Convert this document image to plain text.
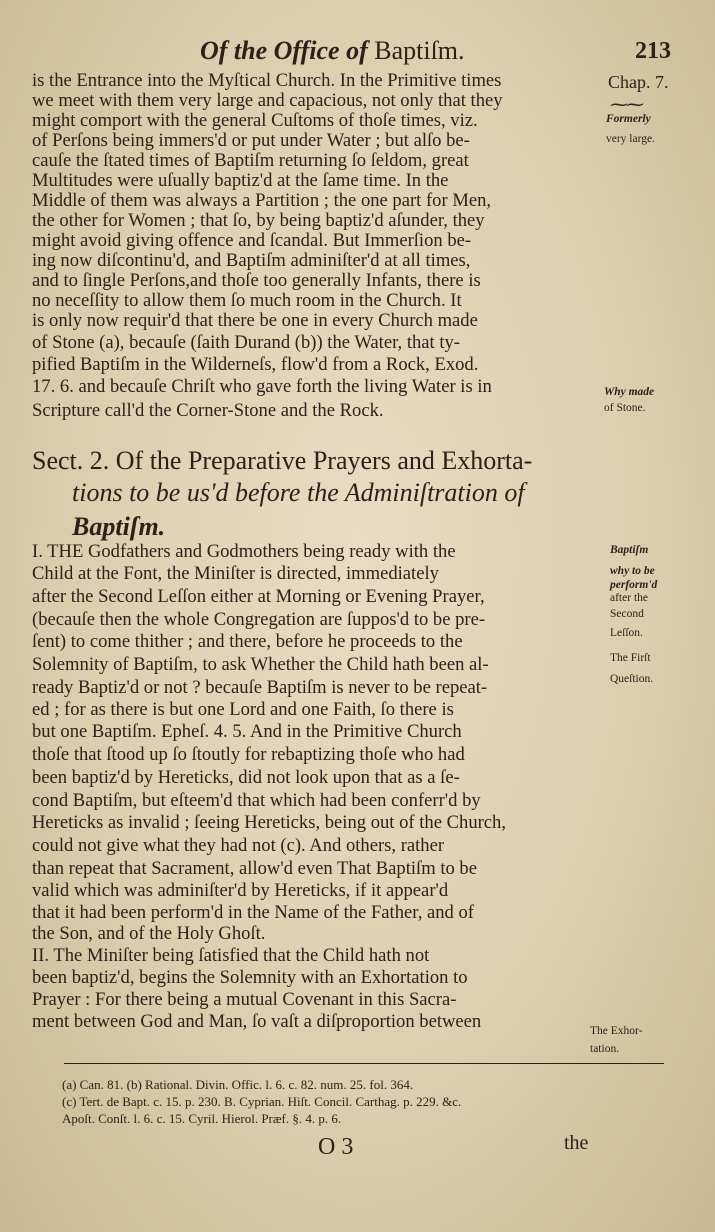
Of the Office of Baptiſm.	213
Chap. 7.
⁓⁓
Formerly
very large.
Why made
of Stone.
Baptiſm
why to be
perform'd
after the
Second
Leſſon.
The Firſt
Queſtion.
The Exhor-
tation.
is the Entrance into the Myſtical Church. In the Primitive times
we meet with them very large and capacious, not only that they
might comport with the general Cuſtoms of thoſe times, viz.
of Perſons being immers'd or put under Water ; but alſo be-
cauſe the ſtated times of Baptiſm returning ſo ſeldom, great
Multitudes were uſually baptiz'd at the ſame time. In the
Middle of them was always a Partition ; the one part for Men,
the other for Women ; that ſo, by being baptiz'd aſunder, they
might avoid giving offence and ſcandal. But Immerſion be-
ing now diſcontinu'd, and Baptiſm adminiſter'd at all times,
and to ſingle Perſons,and thoſe too generally Infants, there is
no neceſſity to allow them ſo much room in the Church. It
is only now requir'd that there be one in every Church made
of Stone (a), becauſe (ſaith Durand (b)) the Water, that ty-
pified Baptiſm in the Wilderneſs, flow'd from a Rock, Exod.
17. 6. and becauſe Chriſt who gave forth the living Water is in
Scripture call'd the Corner-Stone and the Rock.
Sect. 2. Of the Preparative Prayers and Exhorta-
tions to be us'd before the Adminiſtration of
Baptiſm.
I. THE Godfathers and Godmothers being ready with the
Child at the Font, the Miniſter is directed, immediately
after the Second Leſſon either at Morning or Evening Prayer,
(becauſe then the whole Congregation are ſuppos'd to be pre-
ſent) to come thither ; and there, before he proceeds to the
Solemnity of Baptiſm, to ask Whether the Child hath been al-
ready Baptiz'd or not ? becauſe Baptiſm is never to be repeat-
ed ; for as there is but one Lord and one Faith, ſo there is
but one Baptiſm. Epheſ. 4. 5. And in the Primitive Church
thoſe that ſtood up ſo ſtoutly for rebaptizing thoſe who had
been baptiz'd by Hereticks, did not look upon that as a ſe-
cond Baptiſm, but eſteem'd that which had been conferr'd by
Hereticks as invalid ; ſeeing Hereticks, being out of the Church,
could not give what they had not (c). And others, rather
than repeat that Sacrament, allow'd even That Baptiſm to be
valid which was adminiſter'd by Hereticks, if it appear'd
that it had been perform'd in the Name of the Father, and of
the Son, and of the Holy Ghoſt.
II. The Miniſter being ſatisfied that the Child hath not
been baptiz'd, begins the Solemnity with an Exhortation to
Prayer : For there being a mutual Covenant in this Sacra-
ment between God and Man, ſo vaſt a diſproportion between
(a) Can. 81. (b) Rational. Divin. Offic. l. 6. c. 82. num. 25. fol. 364.
(c) Tert. de Bapt. c. 15. p. 230. B. Cyprian. Hiſt. Concil. Carthag. p. 229. &c.
Apoſt. Conſt. l. 6. c. 15. Cyril. Hierol. Præf. §. 4. p. 6.
O 3	the
